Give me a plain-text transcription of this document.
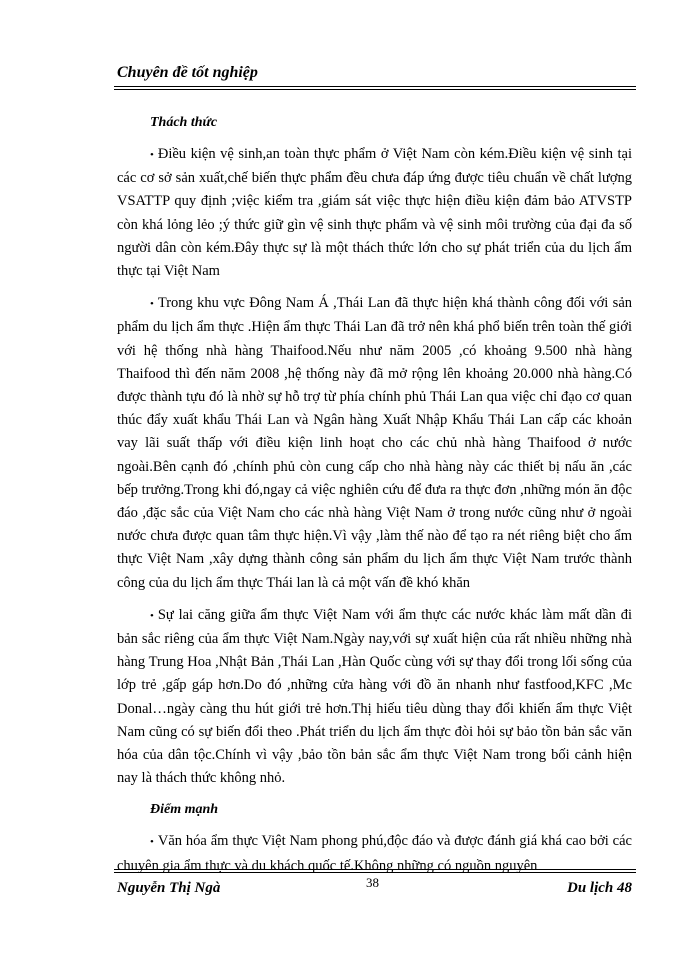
Chuyên đề tốt nghiệp
Thách thức

• Điều kiện vệ sinh,an toàn thực phẩm ở Việt Nam còn kém.Điều kiện vệ sinh tại các cơ sở sản xuất,chế biến thực phẩm đều chưa đáp ứng được tiêu chuẩn về chất lượng VSATTP quy định ;việc kiểm tra ,giám sát việc thực hiện điều kiện đảm bảo ATVSTP còn khá lỏng lẻo ;ý thức giữ gìn vệ sinh thực phẩm và vệ sinh môi trường của đại đa số người dân còn kém.Đây thực sự là một thách thức lớn cho sự phát triển của du lịch ẩm thực tại Việt Nam

• Trong khu vực Đông Nam Á ,Thái Lan đã thực hiện khá thành công đối với sản phẩm du lịch ẩm thực .Hiện ẩm thực Thái Lan đã trở nên khá phổ biến trên toàn thế giới với hệ thống nhà hàng Thaifood.Nếu như năm 2005 ,có khoảng 9.500 nhà hàng Thaifood thì đến năm 2008 ,hệ thống này đã mở rộng lên khoảng 20.000 nhà hàng.Có được thành tựu đó là nhờ sự hỗ trợ từ phía chính phủ Thái Lan qua việc chỉ đạo cơ quan thúc đẩy xuất khẩu Thái Lan và Ngân hàng Xuất Nhập Khẩu Thái Lan cấp các khoản vay lãi suất thấp với điều kiện linh hoạt cho các chủ nhà hàng Thaifood ở nước ngoài.Bên cạnh đó ,chính phủ còn cung cấp cho nhà hàng này các thiết bị nấu ăn ,các bếp trưởng.Trong khi đó,ngay cả việc nghiên cứu để đưa ra thực đơn ,những món ăn độc đáo ,đặc sắc của Việt Nam cho các nhà hàng Việt Nam ở trong nước cũng như ở ngoài nước chưa được quan tâm thực hiện.Vì vậy ,làm thế nào để tạo ra nét riêng biệt cho ẩm thực Việt Nam ,xây dựng thành công sản phẩm du lịch ẩm thực Việt Nam trước thành công của du lịch ẩm thực Thái lan là cả một vấn đề khó khăn

• Sự lai căng giữa ẩm thực Việt Nam với ẩm thực các nước khác làm mất dần đi bản sắc riêng của ẩm thực Việt Nam.Ngày nay,với sự xuất hiện của rất nhiều những nhà hàng Trung Hoa ,Nhật Bản ,Thái Lan ,Hàn Quốc cùng với sự thay đổi trong lối sống của lớp trẻ ,gấp gáp hơn.Do đó ,những cửa hàng với đồ ăn nhanh như fastfood,KFC ,Mc Donal…ngày càng thu hút giới trẻ hơn.Thị hiếu tiêu dùng thay đổi khiến ẩm thực Việt Nam cũng có sự biến đổi theo .Phát triển du lịch ẩm thực đòi hỏi sự bảo tồn bản sắc văn hóa của dân tộc.Chính vì vậy ,bảo tồn bản sắc ẩm thực Việt Nam trong bối cảnh hiện nay là thách thức không nhỏ.

Điểm mạnh

• Văn hóa ẩm thực Việt Nam phong phú,độc đáo và được đánh giá khá cao bởi các chuyên gia ẩm thực và du khách quốc tế.Không những có nguồn nguyên

Nguyễn Thị Ngà	38	Du lịch 48
